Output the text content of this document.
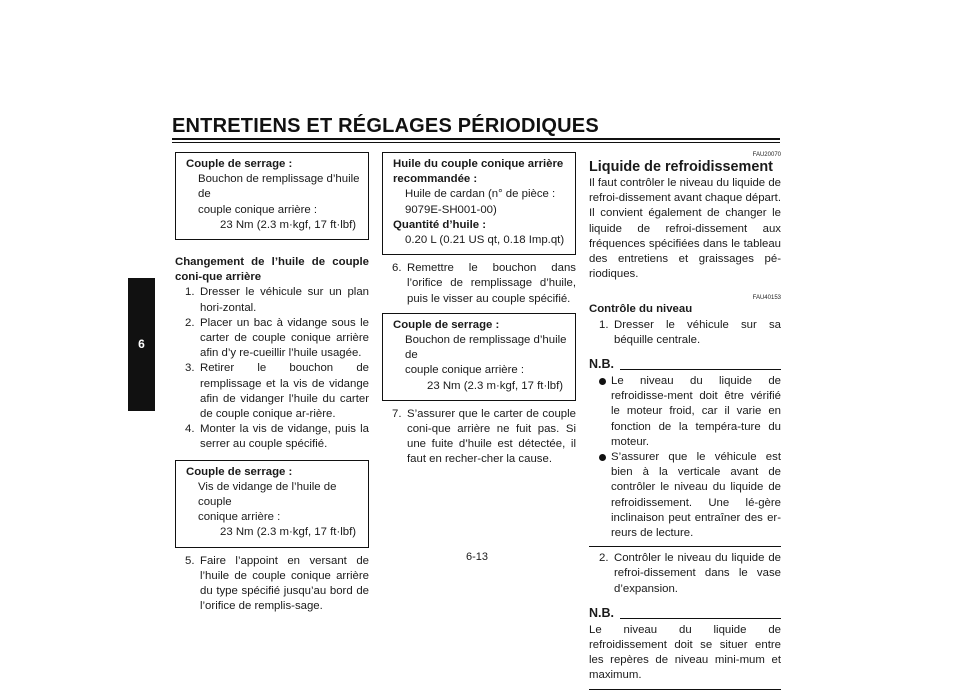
ENTRETIENS ET RÉGLAGES PÉRIODIQUES
6
Couple de serrage :
Bouchon de remplissage d’huile de
couple conique arrière :
23 Nm (2.3 m·kgf, 17 ft·lbf)
Changement de l’huile de couple coni-que arrière
1. Dresser le véhicule sur un plan hori-zontal.
2. Placer un bac à vidange sous le carter de couple conique arrière afin d’y re-cueillir l’huile usagée.
3. Retirer le bouchon de remplissage et la vis de vidange afin de vidanger l’huile du carter de couple conique ar-rière.
4. Monter la vis de vidange, puis la serrer au couple spécifié.
Couple de serrage :
Vis de vidange de l’huile de couple
conique arrière :
23 Nm (2.3 m·kgf, 17 ft·lbf)
5. Faire l’appoint en versant de l’huile de couple conique arrière du type spécifié jusqu’au bord de l’orifice de remplis-sage.
Huile du couple conique arrière
recommandée :
Huile de cardan (n° de pièce :
9079E-SH001-00)
Quantité d’huile :
0.20 L (0.21 US qt, 0.18 Imp.qt)
6. Remettre le bouchon dans l’orifice de remplissage d’huile, puis le visser au couple spécifié.
Couple de serrage :
Bouchon de remplissage d’huile de
couple conique arrière :
23 Nm (2.3 m·kgf, 17 ft·lbf)
7. S’assurer que le carter de couple coni-que arrière ne fuit pas. Si une fuite d’huile est détectée, il faut en recher-cher la cause.
FAU20070
Liquide de refroidissement
Il faut contrôler le niveau du liquide de refroi-dissement avant chaque départ. Il convient également de changer le liquide de refroi-dissement aux fréquences spécifiées dans le tableau des entretiens et graissages pé-riodiques.
FAU40153
Contrôle du niveau
1. Dresser le véhicule sur sa béquille centrale.
N.B.
Le niveau du liquide de refroidisse-ment doit être vérifié le moteur froid, car il varie en fonction de la tempéra-ture du moteur.
S’assurer que le véhicule est bien à la verticale avant de contrôler le niveau du liquide de refroidissement. Une lé-gère inclinaison peut entraîner des er-reurs de lecture.
2. Contrôler le niveau du liquide de refroi-dissement dans le vase d’expansion.
N.B.
Le niveau du liquide de refroidissement doit se situer entre les repères de niveau mini-mum et maximum.
6-13
